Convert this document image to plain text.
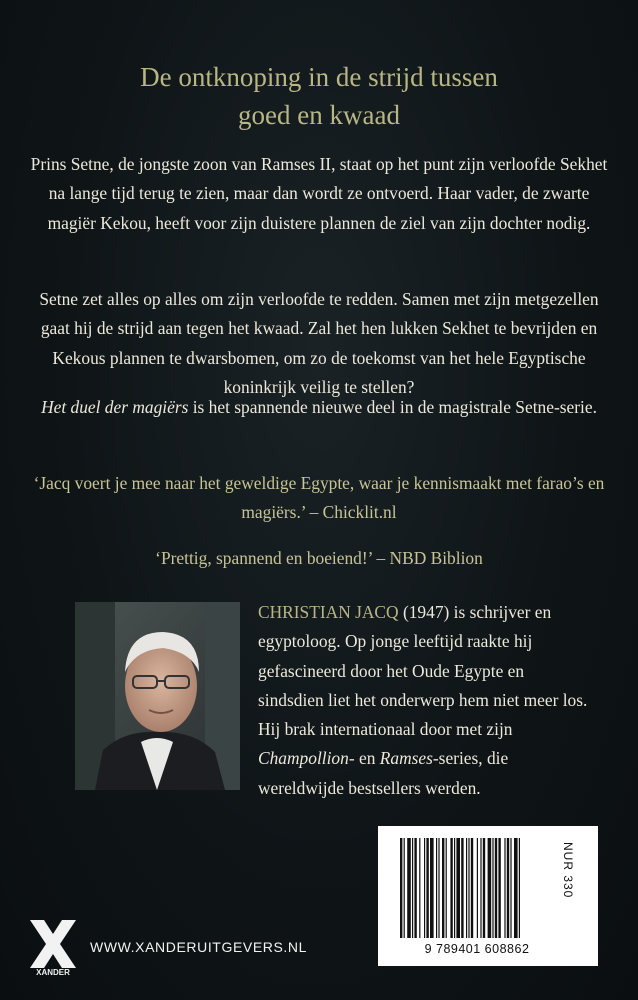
De ontknoping in de strijd tussen
goed en kwaad
Prins Setne, de jongste zoon van Ramses II, staat op het punt zijn verloofde Sekhet na lange tijd terug te zien, maar dan wordt ze ontvoerd. Haar vader, de zwarte magiër Kekou, heeft voor zijn duistere plannen de ziel van zijn dochter nodig.
Setne zet alles op alles om zijn verloofde te redden. Samen met zijn metgezellen gaat hij de strijd aan tegen het kwaad. Zal het hen lukken Sekhet te bevrijden en Kekous plannen te dwarsbomen, om zo de toekomst van het hele Egyptische koninkrijk veilig te stellen?
Het duel der magiërs is het spannende nieuwe deel in de magistrale Setne-serie.
‘Jacq voert je mee naar het geweldige Egypte, waar je kennismaakt met farao’s en magiërs.’ – Chicklit.nl
‘Prettig, spannend en boeiend!’ – NBD Biblion
CHRISTIAN JACQ (1947) is schrijver en egyptoloog. Op jonge leeftijd raakte hij gefascineerd door het Oude Egypte en sindsdien liet het onderwerp hem niet meer los. Hij brak internationaal door met zijn Champollion- en Ramses-series, die wereldwijde bestsellers werden.
9 789401 608862
NUR 330
XANDER
WWW.XANDERUITGEVERS.NL
